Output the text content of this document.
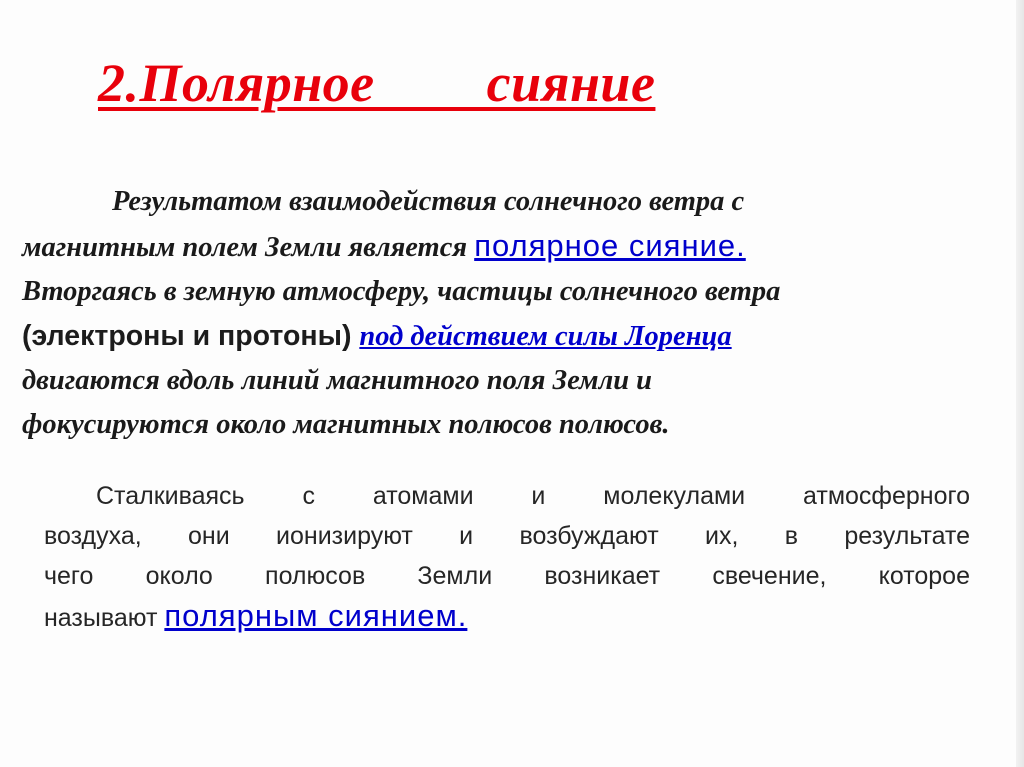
2.Полярное        сияние
Результатом взаимодействия солнечного ветра с
магнитным полем Земли является полярное сияние.
Вторгаясь в земную атмосферу, частицы солнечного ветра
(электроны и протоны) под действием силы Лоренца
двигаются вдоль линий магнитного поля Земли и
фокусируются около магнитных полюсов полюсов.
Сталкиваясь с атомами и молекулами атмосферного
воздуха, они ионизируют и возбуждают их, в результате
чего около полюсов Земли возникает свечение, которое
называют полярным сиянием.
